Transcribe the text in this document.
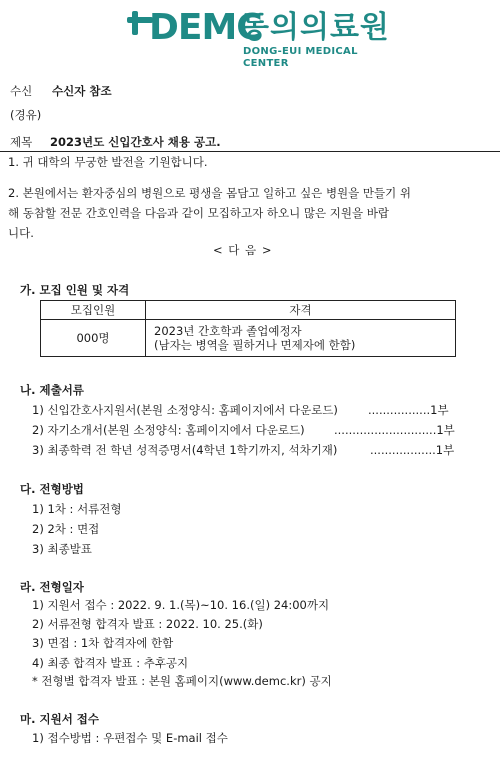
DEMC
동의의료원
DONG-EUI MEDICAL CENTER
수신 수신자 참조
(경유)
제목 2023년도 신입간호사 채용 공고.
1. 귀 대학의 무궁한 발전을 기원합니다.
2. 본원에서는 환자중심의 병원으로 평생을 몸담고 일하고 싶은 병원을 만들기 위
해 동참할 전문 간호인력을 다음과 같이 모집하고자 하오니 많은 지원을 바랍
니다.
< 다 음 >
가. 모집 인원 및 자격
모집인원	자격
000명	2023년 간호학과 졸업예정자
(남자는 병역을 필하거나 면제자에 한함)
나. 제출서류
1) 신입간호사지원서(본원 소정양식: 홈페이지에서 다운로드)	.................1부
2) 자기소개서(본원 소정양식: 홈페이지에서 다운로드)	............................1부
3) 최종학력 전 학년 성적증명서(4학년 1학기까지, 석차기재)	..................1부
다. 전형방법
1) 1차 : 서류전형
2) 2차 : 면접
3) 최종발표
라. 전형일자
1) 지원서 접수 : 2022. 9. 1.(목)~10. 16.(일) 24:00까지
2) 서류전형 합격자 발표 : 2022. 10. 25.(화)
3) 면접 : 1차 합격자에 한함
4) 최종 합격자 발표 : 추후공지
* 전형별 합격자 발표 : 본원 홈페이지(www.demc.kr) 공지
마. 지원서 접수
1) 접수방법 : 우편접수 및 E-mail 접수
